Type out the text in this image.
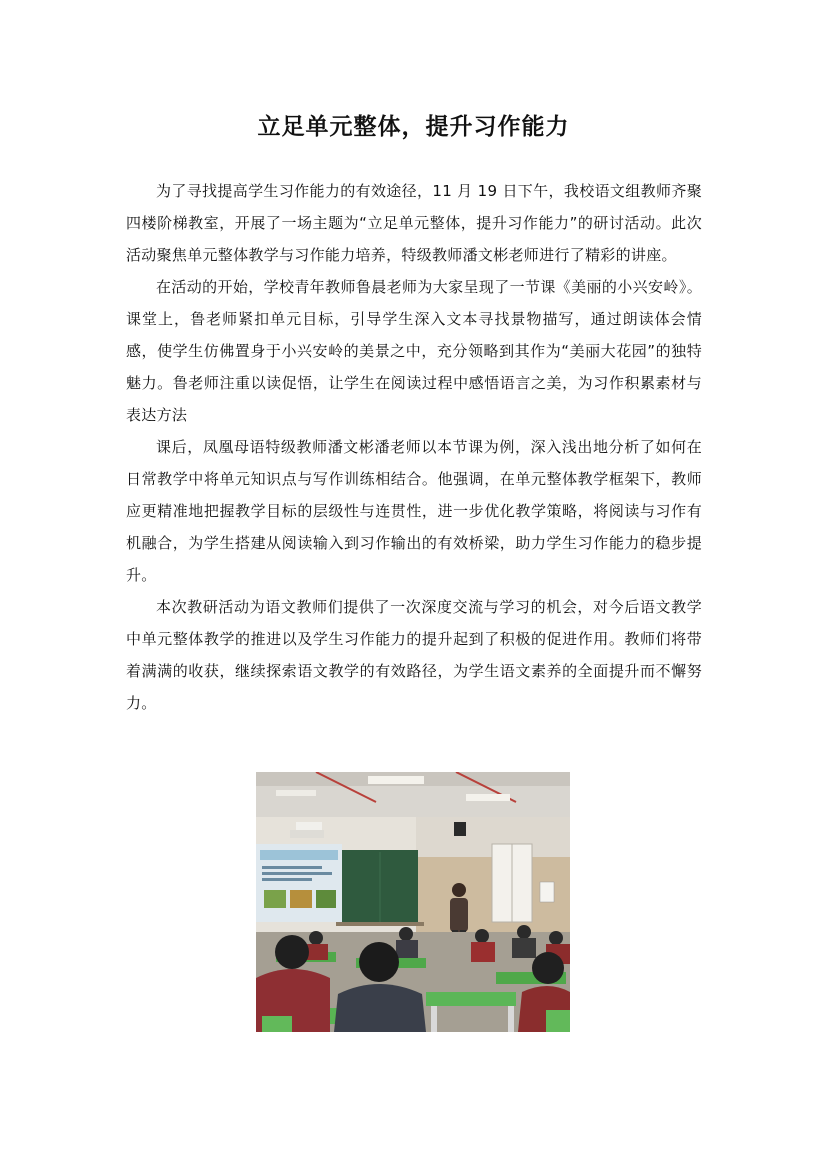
立足单元整体，提升习作能力

为了寻找提高学生习作能力的有效途径，11 月 19 日下午，我校语文组教师齐聚四楼阶梯教室，开展了一场主题为“立足单元整体，提升习作能力”的研讨活动。此次活动聚焦单元整体教学与习作能力培养，特级教师潘文彬老师进行了精彩的讲座。

在活动的开始，学校青年教师鲁晨老师为大家呈现了一节课《美丽的小兴安岭》。课堂上，鲁老师紧扣单元目标，引导学生深入文本寻找景物描写，通过朗读体会情感，使学生仿佛置身于小兴安岭的美景之中，充分领略到其作为“美丽大花园”的独特魅力。鲁老师注重以读促悟，让学生在阅读过程中感悟语言之美，为习作积累素材与表达方法

课后，凤凰母语特级教师潘文彬潘老师以本节课为例，深入浅出地分析了如何在日常教学中将单元知识点与写作训练相结合。他强调，在单元整体教学框架下，教师应更精准地把握教学目标的层级性与连贯性，进一步优化教学策略，将阅读与习作有机融合，为学生搭建从阅读输入到习作输出的有效桥梁，助力学生习作能力的稳步提升。

本次教研活动为语文教师们提供了一次深度交流与学习的机会，对今后语文教学中单元整体教学的推进以及学生习作能力的提升起到了积极的促进作用。教师们将带着满满的收获，继续探索语文教学的有效路径，为学生语文素养的全面提升而不懈努力。
